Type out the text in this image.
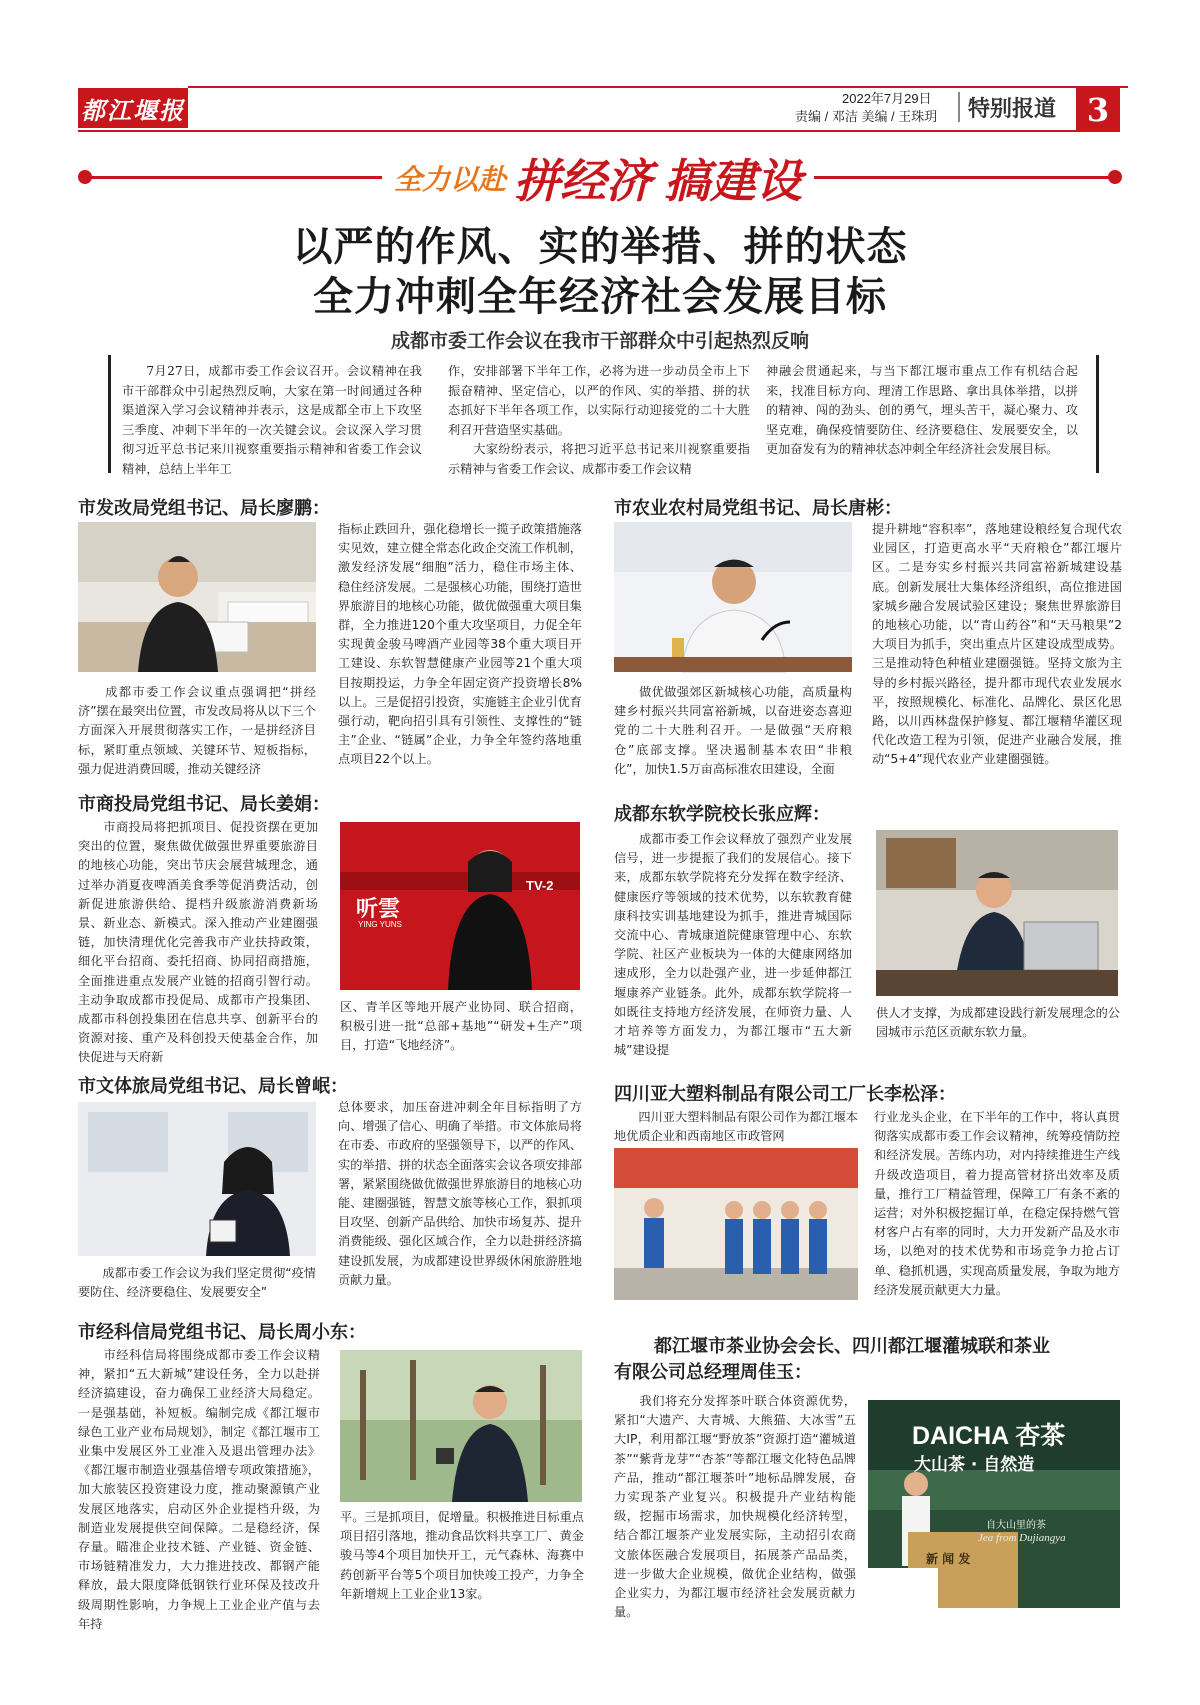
都江堰报	2022年7月29日
责编 / 邓洁 美编 / 王珠玥 特别报道 3
全力以赴 拼经济 搞建设
以严的作风、实的举措、拼的状态
全力冲刺全年经济社会发展目标
成都市委工作会议在我市干部群众中引起热烈反响
7月27日，成都市委工作会议召开。会议精神在我市干部群众中引起热烈反响，大家在第一时间通过各种渠道深入学习会议精神并表示，这是成都全市上下攻坚三季度、冲刺下半年的一次关键会议。会议深入学习贯彻习近平总书记来川视察重要指示精神和省委工作会议精神，总结上半年工
作，安排部署下半年工作，必将为进一步动员全市上下振奋精神、坚定信心，以严的作风、实的举措、拼的状态抓好下半年各项工作，以实际行动迎接党的二十大胜利召开营造坚实基础。
　　大家纷纷表示，将把习近平总书记来川视察重要指示精神与省委工作会议、成都市委工作会议精
神融会贯通起来，与当下都江堰市重点工作有机结合起来，找准目标方向、理清工作思路、拿出具体举措，以拼的精神、闯的劲头、创的勇气，埋头苦干，凝心聚力、攻坚克难，确保疫情要防住、经济要稳住、发展要安全，以更加奋发有为的精神状态冲刺全年经济社会发展目标。
市发改局党组书记、局长廖鹏：
　　成都市委工作会议重点强调把“拼经济”摆在最突出位置，市发改局将从以下三个方面深入开展贯彻落实工作，一是拼经济目标，紧盯重点领域、关键环节、短板指标，强力促进消费回暖，推动关键经济
指标止跌回升，强化稳增长一揽子政策措施落实见效，建立健全常态化政企交流工作机制，激发经济发展“细胞”活力，稳住市场主体、稳住经济发展。二是强核心功能，围绕打造世界旅游目的地核心功能，做优做强重大项目集群，全力推进120个重大攻坚项目，力促全年实现黄金骏马啤酒产业园等38个重大项目开工建设、东软智慧健康产业园等21个重大项目按期投运，力争全年固定资产投资增长8%以上。三是促招引投资，实施链主企业引优育强行动，靶向招引具有引领性、支撑性的“链主”企业、“链属”企业，力争全年签约落地重点项目22个以上。
市农业农村局党组书记、局长唐彬：
　　做优做强郊区新城核心功能，高质量构建乡村振兴共同富裕新城，以奋进姿态喜迎党的二十大胜利召开。一是做强“天府粮仓”底部支撑。坚决遏制基本农田“非粮化”，加快1.5万亩高标准农田建设，全面
提升耕地“容积率”，落地建设粮经复合现代农业园区，打造更高水平“天府粮仓”都江堰片区。二是夯实乡村振兴共同富裕新城建设基底。创新发展壮大集体经济组织，高位推进国家城乡融合发展试验区建设；聚焦世界旅游目的地核心功能，以“青山药谷”和“天马粮果”2大项目为抓手，突出重点片区建设成型成势。三是推动特色种植业建圈强链。坚持文旅为主导的乡村振兴路径，提升都市现代农业发展水平，按照规模化、标准化、品牌化、景区化思路，以川西林盘保护修复、都江堰精华灌区现代化改造工程为引领，促进产业融合发展，推动“5+4”现代农业产业建圈强链。
市商投局党组书记、局长姜娟：
　　市商投局将把抓项目、促投资摆在更加突出的位置，聚焦做优做强世界重要旅游目的地核心功能，突出节庆会展营城理念，通过举办消夏夜啤酒美食季等促消费活动，创新促进旅游供给、提档升级旅游消费新场景、新业态、新模式。深入推动产业建圈强链，加快清理优化完善我市产业扶持政策，细化平台招商、委托招商、协同招商措施，全面推进重点发展产业链的招商引智行动。主动争取成都市投促局、成都市产投集团、成都市科创投集团在信息共享、创新平台的资源对接、重产及科创投天使基金合作，加快促进与天府新
听雲
YING YUNS
TV-2
区、青羊区等地开展产业协同、联合招商，积极引进一批“总部+基地”“研发+生产”项目，打造“飞地经济”。
成都东软学院校长张应辉：
　　成都市委工作会议释放了强烈产业发展信号，进一步提振了我们的发展信心。接下来，成都东软学院将充分发挥在数字经济、健康医疗等领域的技术优势，以东软教育健康科技实训基地建设为抓手，推进青城国际交流中心、青城康道院健康管理中心、东软学院、社区产业板块为一体的大健康网络加速成形，全力以赴强产业，进一步延伸都江堰康养产业链条。此外，成都东软学院将一如既往支持地方经济发展，在师资力量、人才培养等方面发力，为都江堰市“五大新城”建设提
供人才支撑，为成都建设践行新发展理念的公园城市示范区贡献东软力量。
市文体旅局党组书记、局长曾岷：
　　成都市委工作会议为我们坚定贯彻“疫情要防住、经济要稳住、发展要安全”
总体要求，加压奋进冲刺全年目标指明了方向、增强了信心、明确了举措。市文体旅局将在市委、市政府的坚强领导下，以严的作风、实的举措、拼的状态全面落实会议各项安排部署，紧紧围绕做优做强世界旅游目的地核心功能、建圈强链，智慧文旅等核心工作，狠抓项目攻坚、创新产品供给、加快市场复苏、提升消费能级、强化区域合作，全力以赴拼经济搞建设抓发展，为成都建设世界级休闲旅游胜地贡献力量。
四川亚大塑料制品有限公司工厂长李松泽：
　　四川亚大塑料制品有限公司作为都江堰本地优质企业和西南地区市政管网
行业龙头企业，在下半年的工作中，将认真贯彻落实成都市委工作会议精神，统筹疫情防控和经济发展。苦练内功，对内持续推进生产线升级改造项目，着力提高管材挤出效率及质量，推行工厂精益管理，保障工厂有条不紊的运营；对外积极挖掘订单，在稳定保持燃气管材客户占有率的同时，大力开发新产品及水市场，以绝对的技术优势和市场竞争力抢占订单、稳抓机遇，实现高质量发展，争取为地方经济发展贡献更大力量。
市经科信局党组书记、局长周小东：
　　市经科信局将围绕成都市委工作会议精神，紧扣“五大新城”建设任务，全力以赴拼经济搞建设，奋力确保工业经济大局稳定。一是强基础，补短板。编制完成《都江堰市绿色工业产业布局规划》，制定《都江堰市工业集中发展区外工业准入及退出管理办法》《都江堰市制造业强基倍增专项政策措施》，加大旅装区投资建设力度，推动聚源镇产业发展区地落实，启动区外企业提档升级，为制造业发展提供空间保障。二是稳经济，保存量。瞄准企业技术链、产业链、资金链、市场链精准发力，大力推进技改、都钢产能释放，最大限度降低钢铁行业环保及技改升级周期性影响，力争规上工业企业产值与去年持
平。三是抓项目，促增量。积极推进目标重点项目招引落地，推动食品饮料共享工厂、黄金骏马等4个项目加快开工，元气森林、海赛中药创新平台等5个项目加快竣工投产，力争全年新增规上工业企业13家。
都江堰市茶业协会会长、四川都江堰灌城联和茶业
有限公司总经理周佳玉：
　　我们将充分发挥茶叶联合体资源优势，紧扣“大遗产、大青城、大熊猫、大冰雪”五大IP，利用都江堰“野放茶”资源打造“灌城道茶”“紫背龙芽”“杏茶”等都江堰文化特色品牌产品，推动“都江堰茶叶”地标品牌发展，奋力实现茶产业复兴。积极提升产业结构能级，挖掘市场需求，加快规模化经济转型，结合都江堰茶产业发展实际，主动招引农商文旅体医融合发展项目，拓展茶产品品类，进一步做大企业规模，做优企业结构，做强企业实力，为都江堰市经济社会发展贡献力量。
DAICHA 杏茶
大山茶 · 自然造
自大山里的茶
Jea from Dujiangya
新 闻 发
